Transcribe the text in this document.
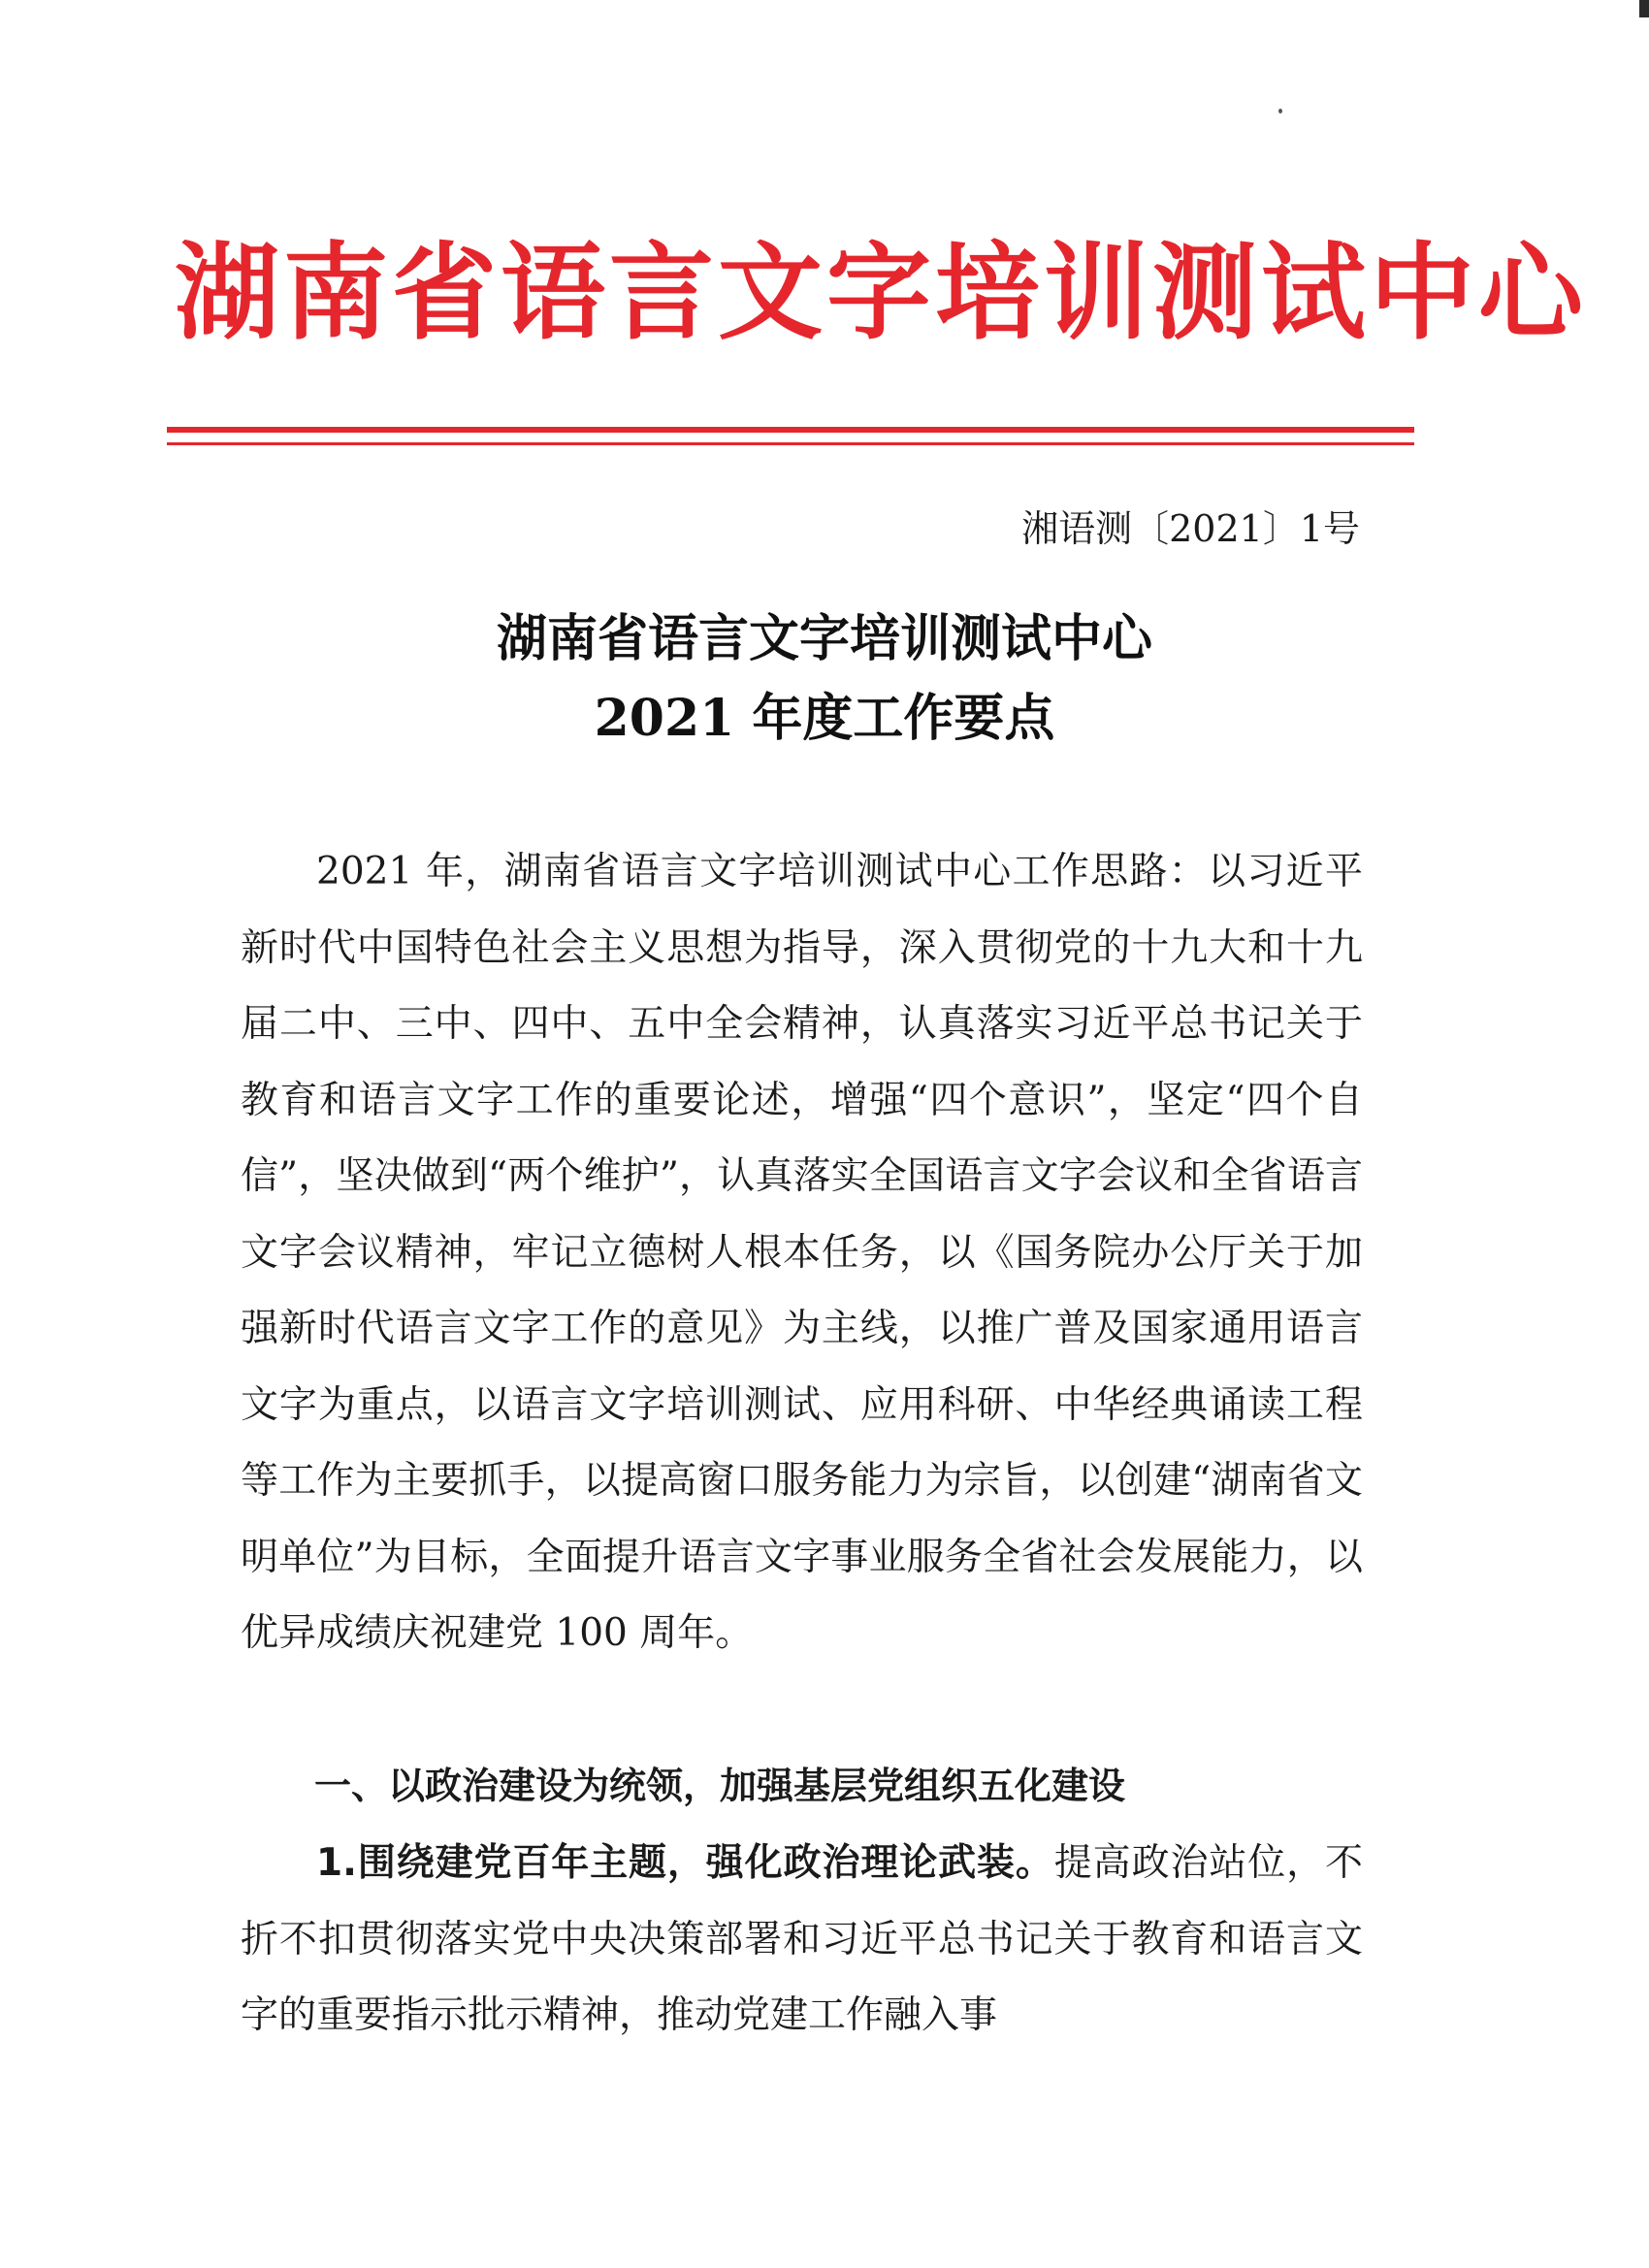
湖南省语言文字培训测试中心
湘语测〔2021〕1号
湖南省语言文字培训测试中心
2021 年度工作要点

2021 年，湖南省语言文字培训测试中心工作思路：以习近平新时代中国特色社会主义思想为指导，深入贯彻党的十九大和十九届二中、三中、四中、五中全会精神，认真落实习近平总书记关于教育和语言文字工作的重要论述，增强“四个意识”，坚定“四个自信”，坚决做到“两个维护”，认真落实全国语言文字会议和全省语言文字会议精神，牢记立德树人根本任务，以《国务院办公厅关于加强新时代语言文字工作的意见》为主线，以推广普及国家通用语言文字为重点，以语言文字培训测试、应用科研、中华经典诵读工程等工作为主要抓手，以提高窗口服务能力为宗旨，以创建“湖南省文明单位”为目标，全面提升语言文字事业服务全省社会发展能力，以优异成绩庆祝建党 100 周年。

一、以政治建设为统领，加强基层党组织五化建设

1.围绕建党百年主题，强化政治理论武装。提高政治站位，不折不扣贯彻落实党中央决策部署和习近平总书记关于教育和语言文字的重要指示批示精神，推动党建工作融入事
